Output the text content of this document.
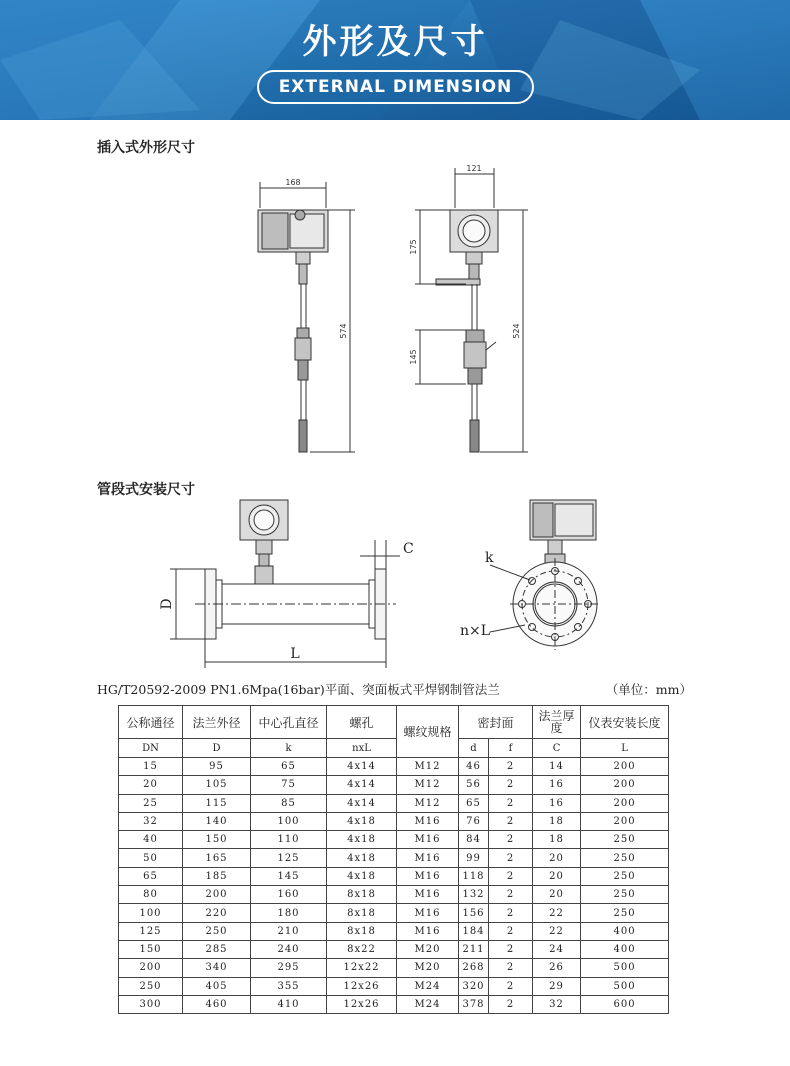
外形及尺寸
EXTERNAL DIMENSION
插入式外形尺寸
管段式安装尺寸
168
574
121
175
145
524
D
L
C
k
n×L
HG/T20592-2009 PN1.6Mpa(16bar)平面、突面板式平焊钢制管法兰	（单位：mm）
公称通径	法兰外径	中心孔直径	螺孔	螺纹规格	密封面		法兰厚度	仪表安装长度
DN	D	k	nxL		d	f	C	L
15	95	65	4x14	M12	46	2	14	200
20	105	75	4x14	M12	56	2	16	200
25	115	85	4x14	M12	65	2	16	200
32	140	100	4x18	M16	76	2	18	200
40	150	110	4x18	M16	84	2	18	250
50	165	125	4x18	M16	99	2	20	250
65	185	145	4x18	M16	118	2	20	250
80	200	160	8x18	M16	132	2	20	250
100	220	180	8x18	M16	156	2	22	250
125	250	210	8x18	M16	184	2	22	400
150	285	240	8x22	M20	211	2	24	400
200	340	295	12x22	M20	268	2	26	500
250	405	355	12x26	M24	320	2	29	500
300	460	410	12x26	M24	378	2	32	600
